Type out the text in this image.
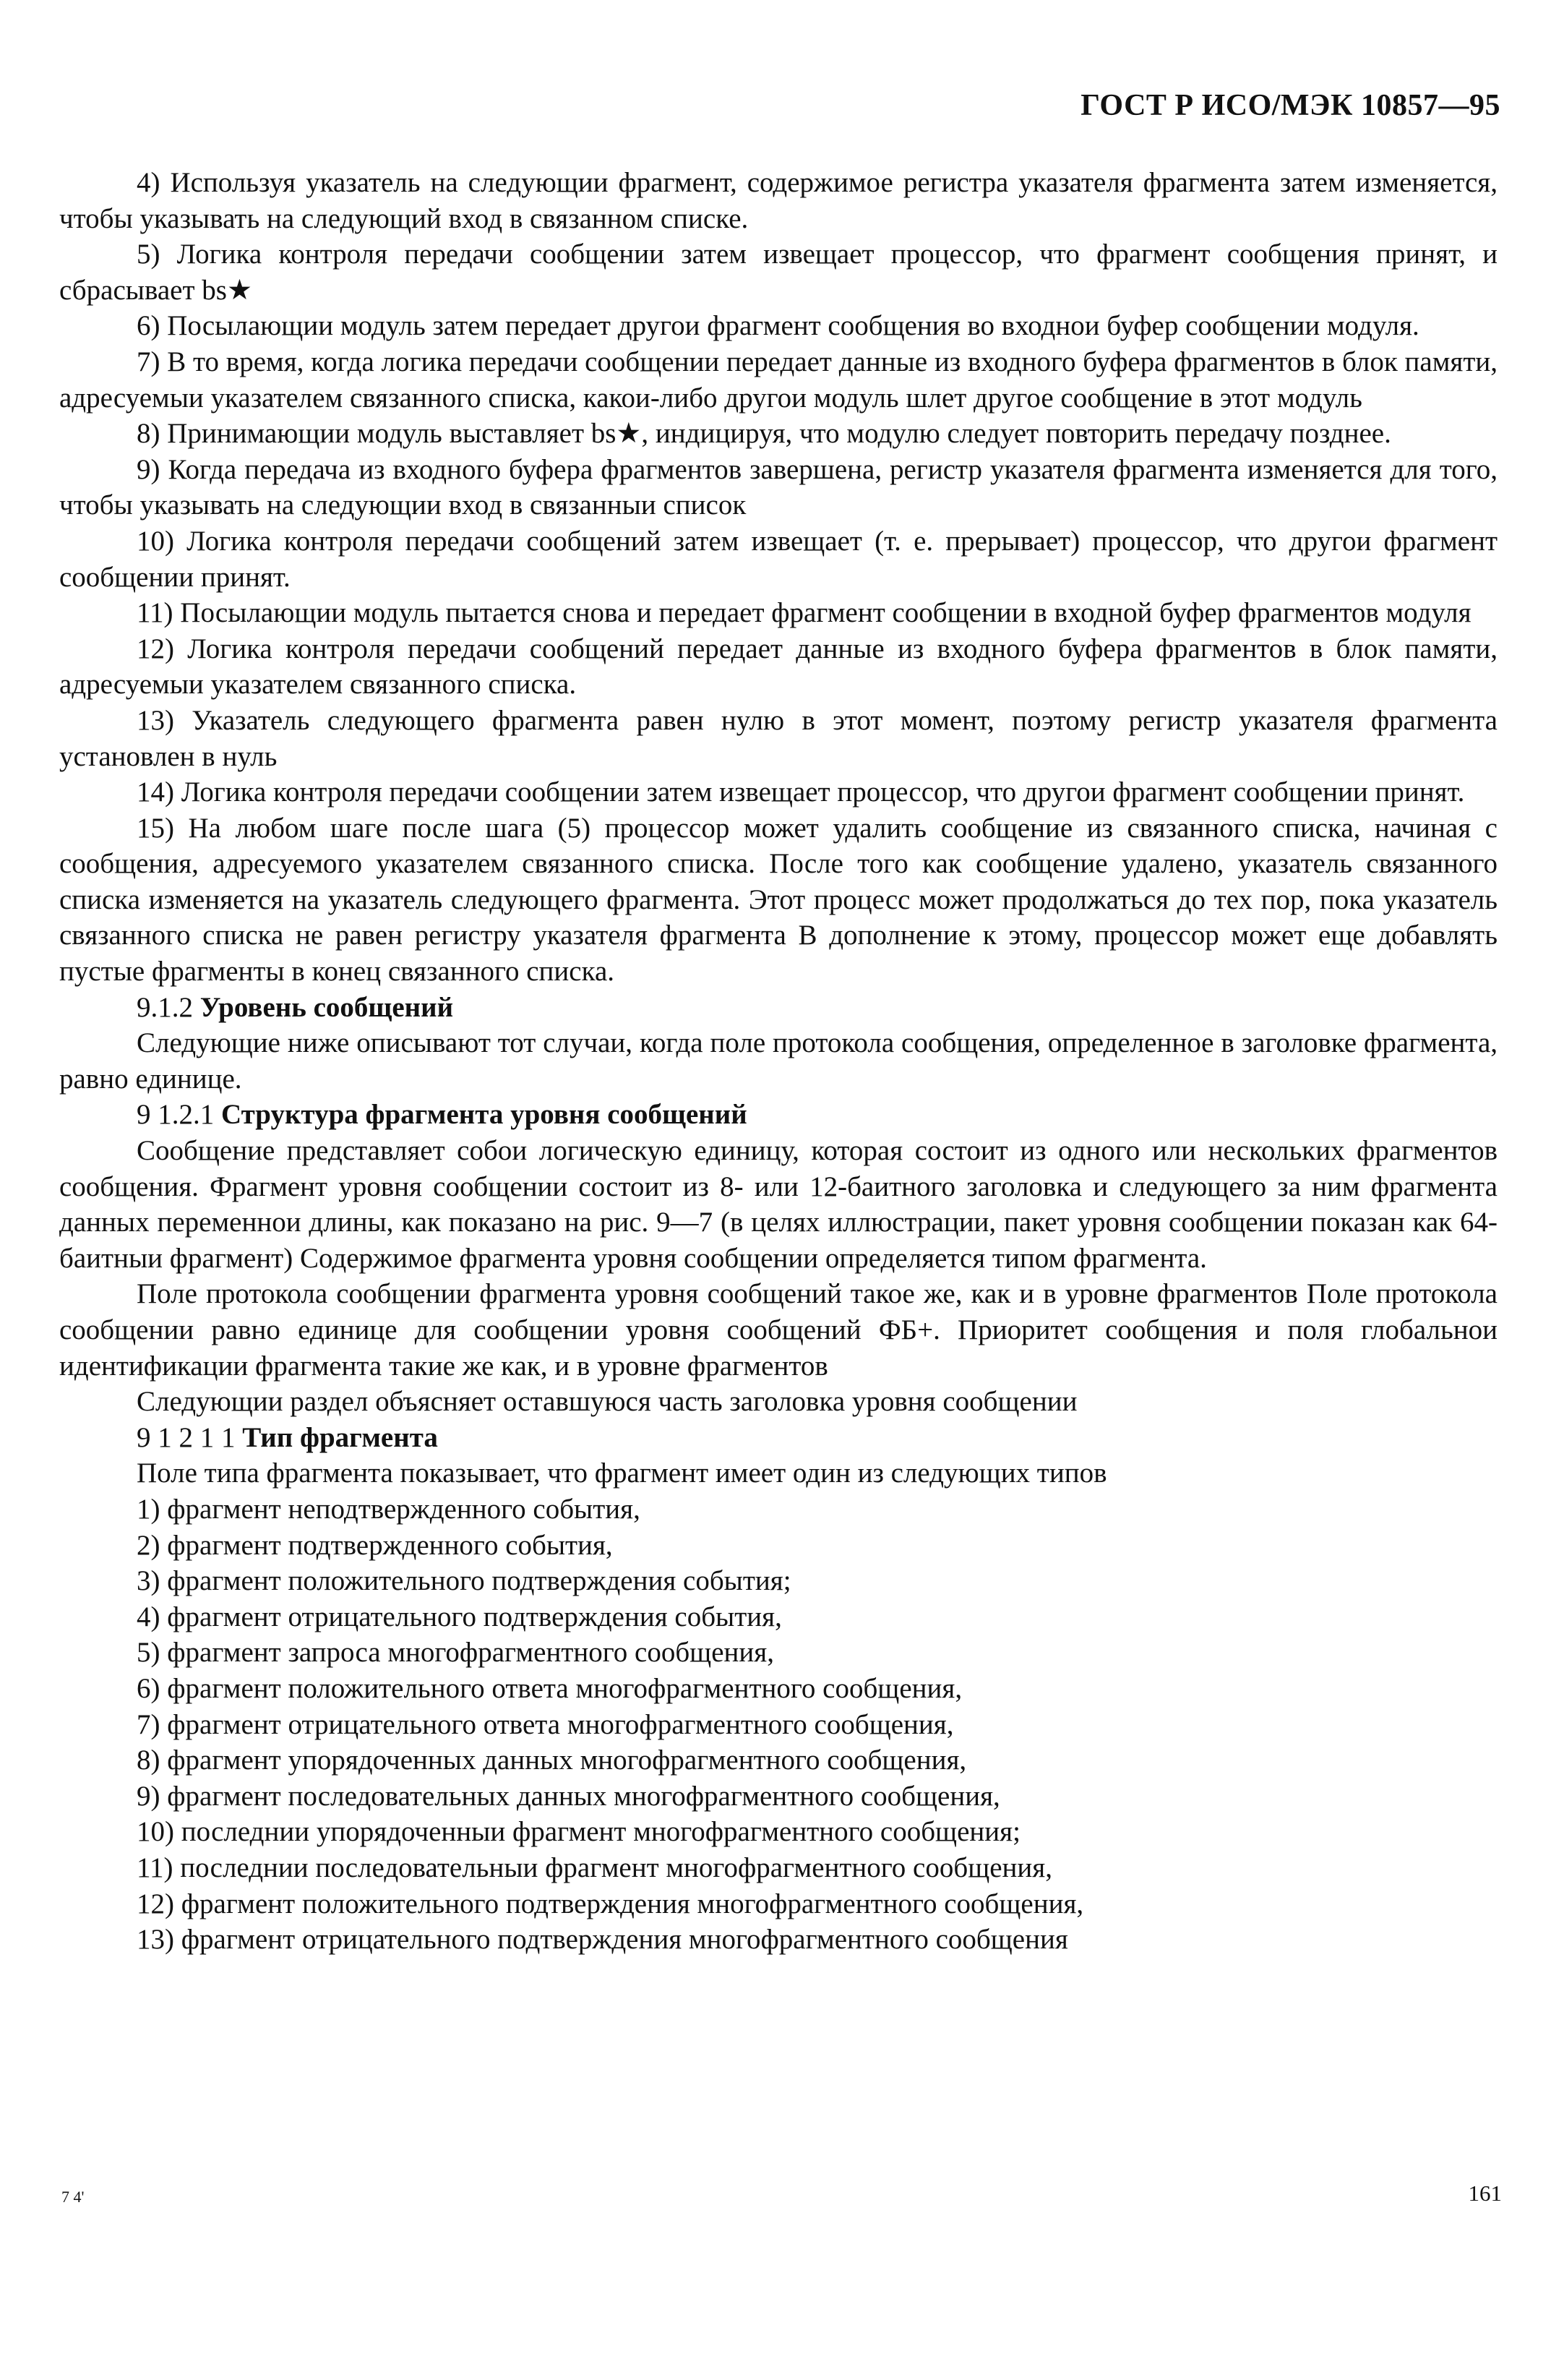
ГОСТ Р ИСО/МЭК 10857—95

4) Используя указатель на следующии фрагмент, содержимое регистра указателя фрагмента затем изменяется, чтобы указывать на следующий вход в связанном списке.

5) Логика контроля передачи сообщении затем извещает процессор, что фрагмент сообщения принят, и сбрасывает bs★

6) Посылающии модуль затем передает другои фрагмент сообщения во входнои буфер сообщении модуля.

7) В то время, когда логика передачи сообщении передает данные из входного буфера фрагментов в блок памяти, адресуемыи указателем связанного списка, какои-либо другои модуль шлет другое сообщение в этот модуль

8) Принимающии модуль выставляет bs★, индицируя, что модулю следует повторить передачу позднее.

9) Когда передача из входного буфера фрагментов завершена, регистр указателя фрагмента изменяется для того, чтобы указывать на следующии вход в связанныи список

10) Логика контроля передачи сообщений затем извещает (т. е. прерывает) процессор, что другои фрагмент сообщении принят.

11) Посылающии модуль пытается снова и передает фрагмент сообщении в входной буфер фрагментов модуля

12) Логика контроля передачи сообщений передает данные из входного буфера фрагментов в блок памяти, адресуемыи указателем связанного списка.

13) Указатель следующего фрагмента равен нулю в этот момент, поэтому регистр указателя фрагмента установлен в нуль

14) Логика контроля передачи сообщении затем извещает процессор, что другои фрагмент сообщении принят.

15) На любом шаге после шага (5) процессор может удалить сообщение из связанного списка, начиная с сообщения, адресуемого указателем связанного списка. После того как сообщение удалено, указатель связанного списка изменяется на указатель следующего фрагмента. Этот процесс может продолжаться до тех пор, пока указатель связанного списка не равен регистру указателя фрагмента В дополнение к этому, процессор может еще добавлять пустые фрагменты в конец связанного списка.

9.1.2 Уровень сообщений

Следующие ниже описывают тот случаи, когда поле протокола сообщения, определенное в заголовке фрагмента, равно единице.

9 1.2.1 Структура фрагмента уровня сообщений

Сообщение представляет собои логическую единицу, которая состоит из одного или нескольких фрагментов сообщения. Фрагмент уровня сообщении состоит из 8- или 12-баитного заголовка и следующего за ним фрагмента данных переменнои длины, как показано на рис. 9—7 (в целях иллюстрации, пакет уровня сообщении показан как 64-баитныи фрагмент) Содержимое фрагмента уровня сообщении определяется типом фрагмента.

Поле протокола сообщении фрагмента уровня сообщений такое же, как и в уровне фрагментов Поле протокола сообщении равно единице для сообщении уровня сообщений ФБ+. Приоритет сообщения и поля глобальнои идентификации фрагмента такие же как, и в уровне фрагментов

Следующии раздел объясняет оставшуюся часть заголовка уровня сообщении

9 1 2 1 1 Тип фрагмента

Поле типа фрагмента показывает, что фрагмент имеет один из следующих типов

1) фрагмент неподтвержденного события,

2) фрагмент подтвержденного события,

3) фрагмент положительного подтверждения события;

4) фрагмент отрицательного подтверждения события,

5) фрагмент запроса многофрагментного сообщения,

6) фрагмент положительного ответа многофрагментного сообщения,

7) фрагмент отрицательного ответа многофрагментного сообщения,

8) фрагмент упорядоченных данных многофрагментного сообщения,

9) фрагмент последовательных данных многофрагментного сообщения,

10) последнии упорядоченныи фрагмент многофрагментного сообщения;

11) последнии последовательныи фрагмент многофрагментного сообщения,

12) фрагмент положительного подтверждения многофрагментного сообщения,

13) фрагмент отрицательного подтверждения многофрагментного сообщения

7 4'	161
